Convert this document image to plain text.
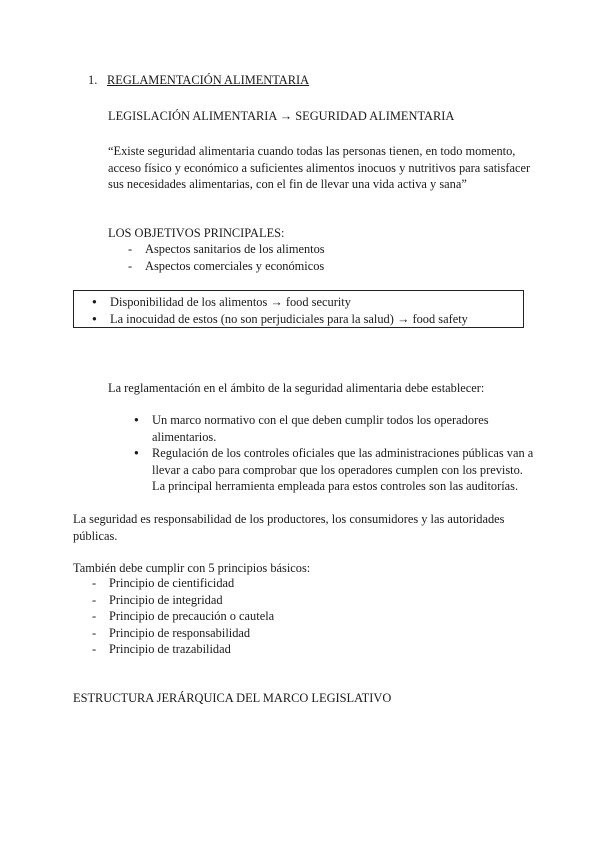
1. REGLAMENTACIÓN ALIMENTARIA
LEGISLACIÓN ALIMENTARIA → SEGURIDAD ALIMENTARIA

“Existe seguridad alimentaria cuando todas las personas tienen, en todo momento, acceso físico y económico a suficientes alimentos inocuos y nutritivos para satisfacer sus necesidades alimentarias, con el fin de llevar una vida activa y sana”

LOS OBJETIVOS PRINCIPALES:
- Aspectos sanitarios de los alimentos
- Aspectos comerciales y económicos
● Disponibilidad de los alimentos → food security
● La inocuidad de estos (no son perjudiciales para la salud) → food safety

La reglamentación en el ámbito de la seguridad alimentaria debe establecer:

● Un marco normativo con el que deben cumplir todos los operadores alimentarios.
● Regulación de los controles oficiales que las administraciones públicas van a llevar a cabo para comprobar que los operadores cumplen con los previsto. La principal herramienta empleada para estos controles son las auditorías.

La seguridad es responsabilidad de los productores, los consumidores y las autoridades públicas.

También debe cumplir con 5 principios básicos:

- Principio de cientificidad
- Principio de integridad
- Principio de precaución o cautela
- Principio de responsabilidad
- Principio de trazabilidad

ESTRUCTURA JERÁRQUICA DEL MARCO LEGISLATIVO
